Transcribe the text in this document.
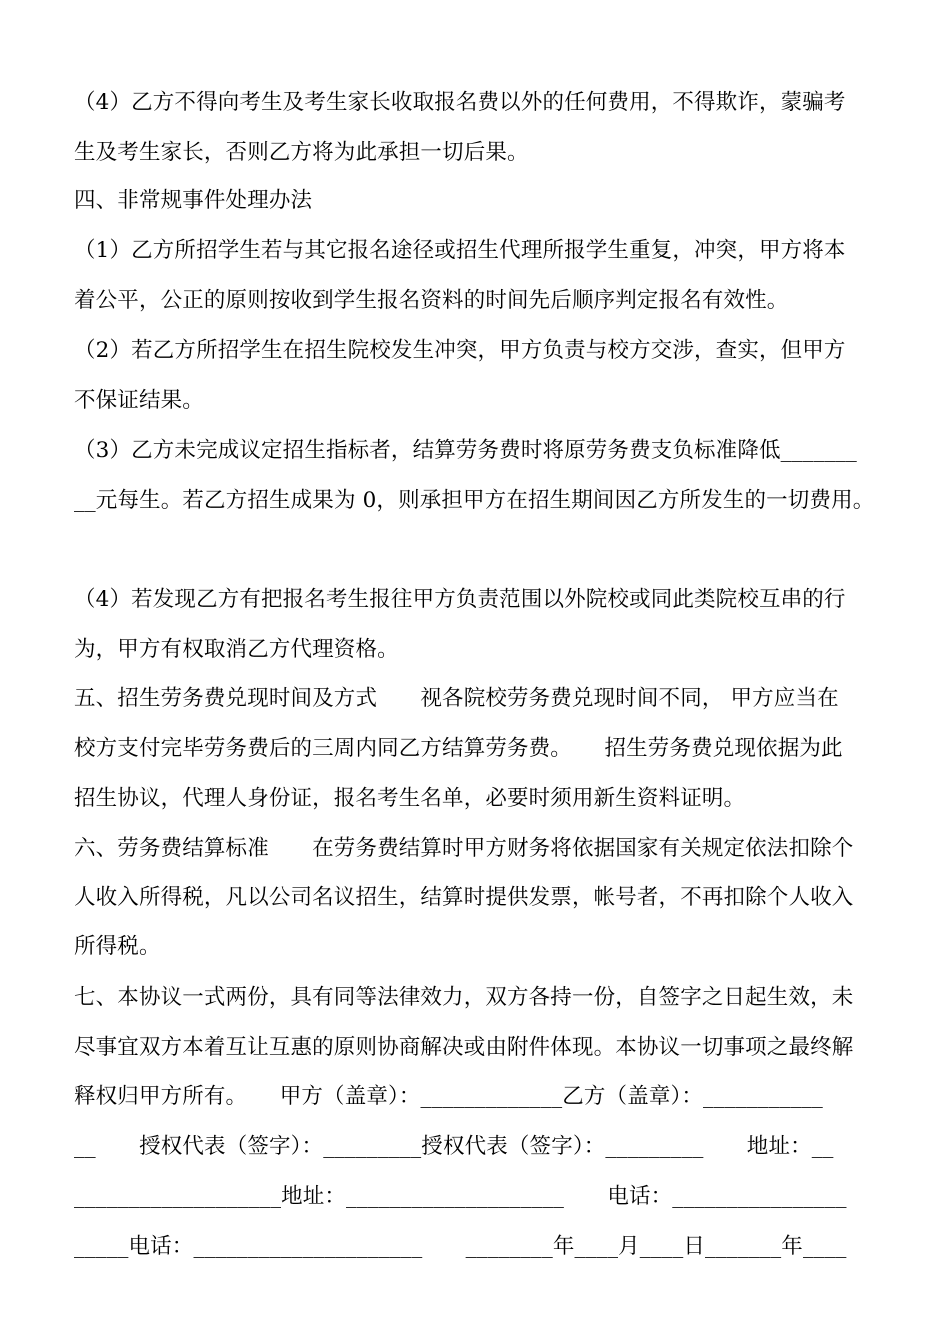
（4）乙方不得向考生及考生家长收取报名费以外的任何费用，不得欺诈，蒙骗考
生及考生家长，否则乙方将为此承担一切后果。
四、非常规事件处理办法
（1）乙方所招学生若与其它报名途径或招生代理所报学生重复，冲突，甲方将本
着公平，公正的原则按收到学生报名资料的时间先后顺序判定报名有效性。
（2）若乙方所招学生在招生院校发生冲突，甲方负责与校方交涉，查实，但甲方
不保证结果。
（3）乙方未完成议定招生指标者，结算劳务费时将原劳务费支负标准降低_______
__元每生。若乙方招生成果为 0，则承担甲方在招生期间因乙方所发生的一切费用。
（4）若发现乙方有把报名考生报往甲方负责范围以外院校或同此类院校互串的行
为，甲方有权取消乙方代理资格。
五、招生劳务费兑现时间及方式　　视各院校劳务费兑现时间不同， 甲方应当在
校方支付完毕劳务费后的三周内同乙方结算劳务费。　　招生劳务费兑现依据为此
招生协议，代理人身份证，报名考生名单，必要时须用新生资料证明。
六、劳务费结算标准　　在劳务费结算时甲方财务将依据国家有关规定依法扣除个
人收入所得税，凡以公司名议招生，结算时提供发票，帐号者，不再扣除个人收入
所得税。
七、本协议一式两份，具有同等法律效力，双方各持一份，自签字之日起生效，未
尽事宜双方本着互让互惠的原则协商解决或由附件体现。本协议一切事项之最终解
释权归甲方所有。　　甲方（盖章）：_____________乙方（盖章）：___________
__　　授权代表（签字）：_________授权代表（签字）：_________　　地址：__
___________________地址：____________________　　电话：________________
_____电话：_____________________　　________年____月____日_______年____
